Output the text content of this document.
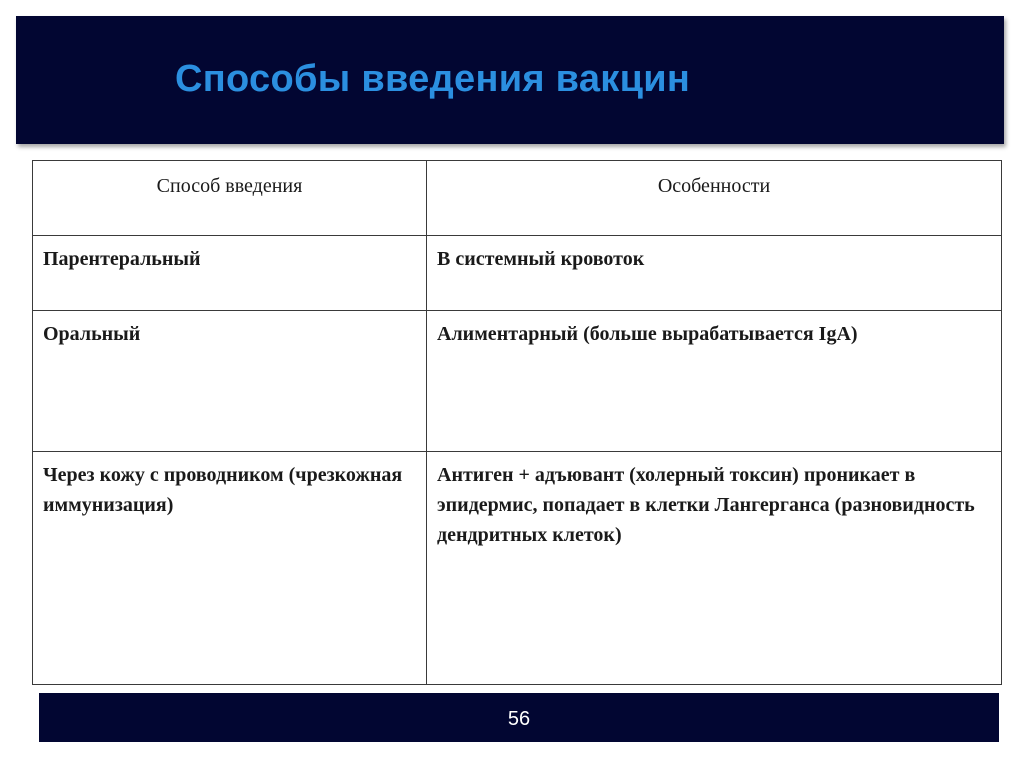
Способы введения вакцин
Способ введения	Особенности
Парентеральный	В системный кровоток
Оральный	Алиментарный (больше вырабатывается IgA)
Через кожу с проводником (чрезкожная иммунизация)	Антиген + адъювант (холерный токсин) проникает в эпидермис, попадает в клетки Лангерганса (разновидность дендритных клеток)
56
